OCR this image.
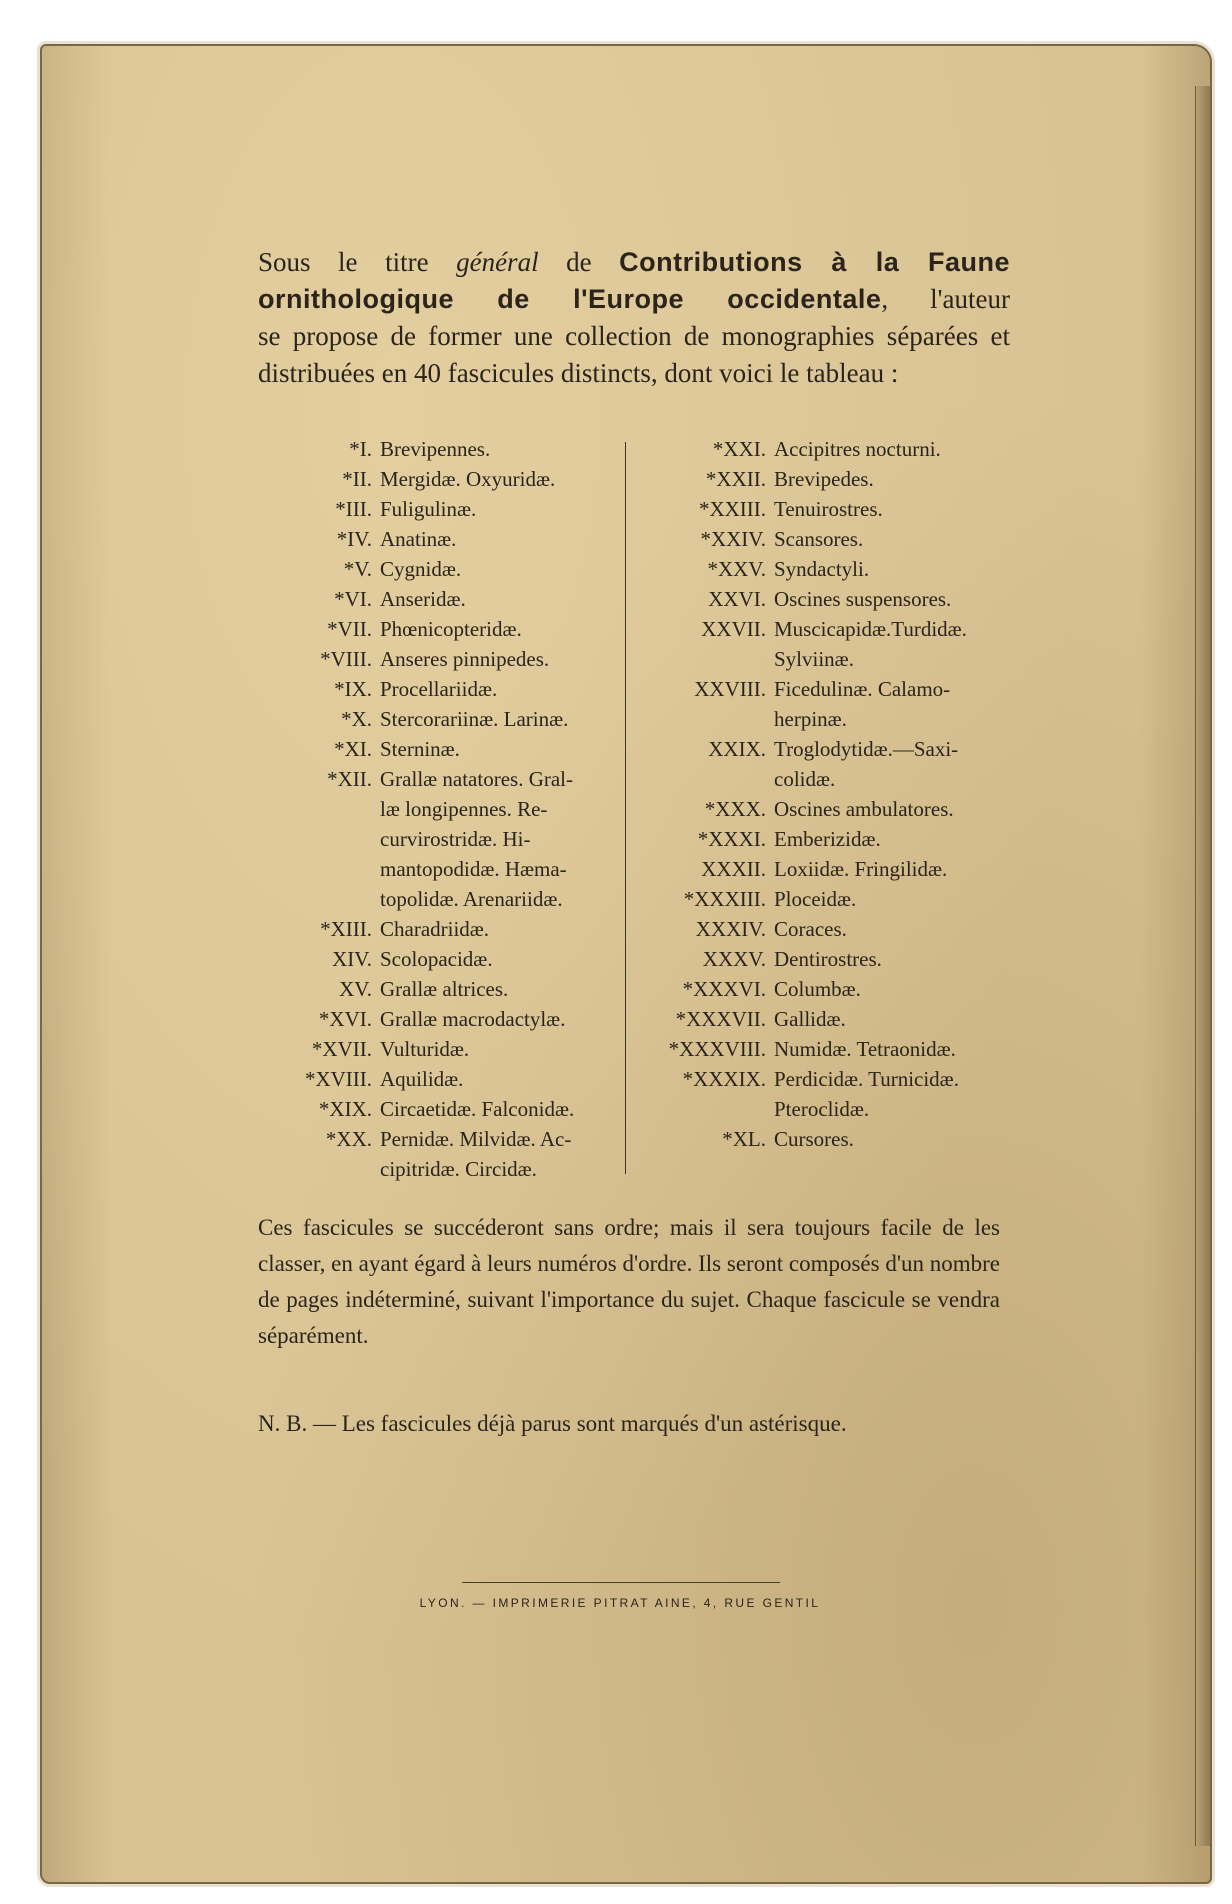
Sous le titre général de Contributions à la Faune
ornithologique de l'Europe occidentale, l'auteur
se propose de former une collection de monographies séparées et
distribuées en 40 fascicules distincts, dont voici le tableau :
*I. Brevipennes.
*II. Mergidæ. Oxyuridæ.
*III. Fuligulinæ.
*IV. Anatinæ.
*V. Cygnidæ.
*VI. Anseridæ.
*VII. Phœnicopteridæ.
*VIII. Anseres pinnipedes.
*IX. Procellariidæ.
*X. Stercorariinæ. Larinæ.
*XI. Sterninæ.
*XII. Grallæ natatores. Gral-
læ longipennes. Re-
curvirostridæ. Hi-
mantopodidæ. Hæma-
topolidæ. Arenariidæ.
*XIII. Charadriidæ.
XIV. Scolopacidæ.
XV. Grallæ altrices.
*XVI. Grallæ macrodactylæ.
*XVII. Vulturidæ.
*XVIII. Aquilidæ.
*XIX. Circaetidæ. Falconidæ.
*XX. Pernidæ. Milvidæ. Ac-
cipitridæ. Circidæ.
*XXI. Accipitres nocturni.
*XXII. Brevipedes.
*XXIII. Tenuirostres.
*XXIV. Scansores.
*XXV. Syndactyli.
XXVI. Oscines suspensores.
XXVII. Muscicapidæ.Turdidæ.
Sylviinæ.
XXVIII. Ficedulinæ. Calamo-
herpinæ.
XXIX. Troglodytidæ.—Saxi-
colidæ.
*XXX. Oscines ambulatores.
*XXXI. Emberizidæ.
XXXII. Loxiidæ. Fringilidæ.
*XXXIII. Ploceidæ.
XXXIV. Coraces.
XXXV. Dentirostres.
*XXXVI. Columbæ.
*XXXVII. Gallidæ.
*XXXVIII. Numidæ. Tetraonidæ.
*XXXIX. Perdicidæ. Turnicidæ.
Pteroclidæ.
*XL. Cursores.
Ces fascicules se succéderont sans ordre; mais il sera toujours facile de les classer, en ayant égard à leurs numéros d'ordre. Ils seront composés d'un nombre de pages indéterminé, suivant l'importance du sujet. Chaque fascicule se vendra séparément.
N. B. — Les fascicules déjà parus sont marqués d'un astérisque.
LYON. — IMPRIMERIE PITRAT AINE, 4, RUE GENTIL
